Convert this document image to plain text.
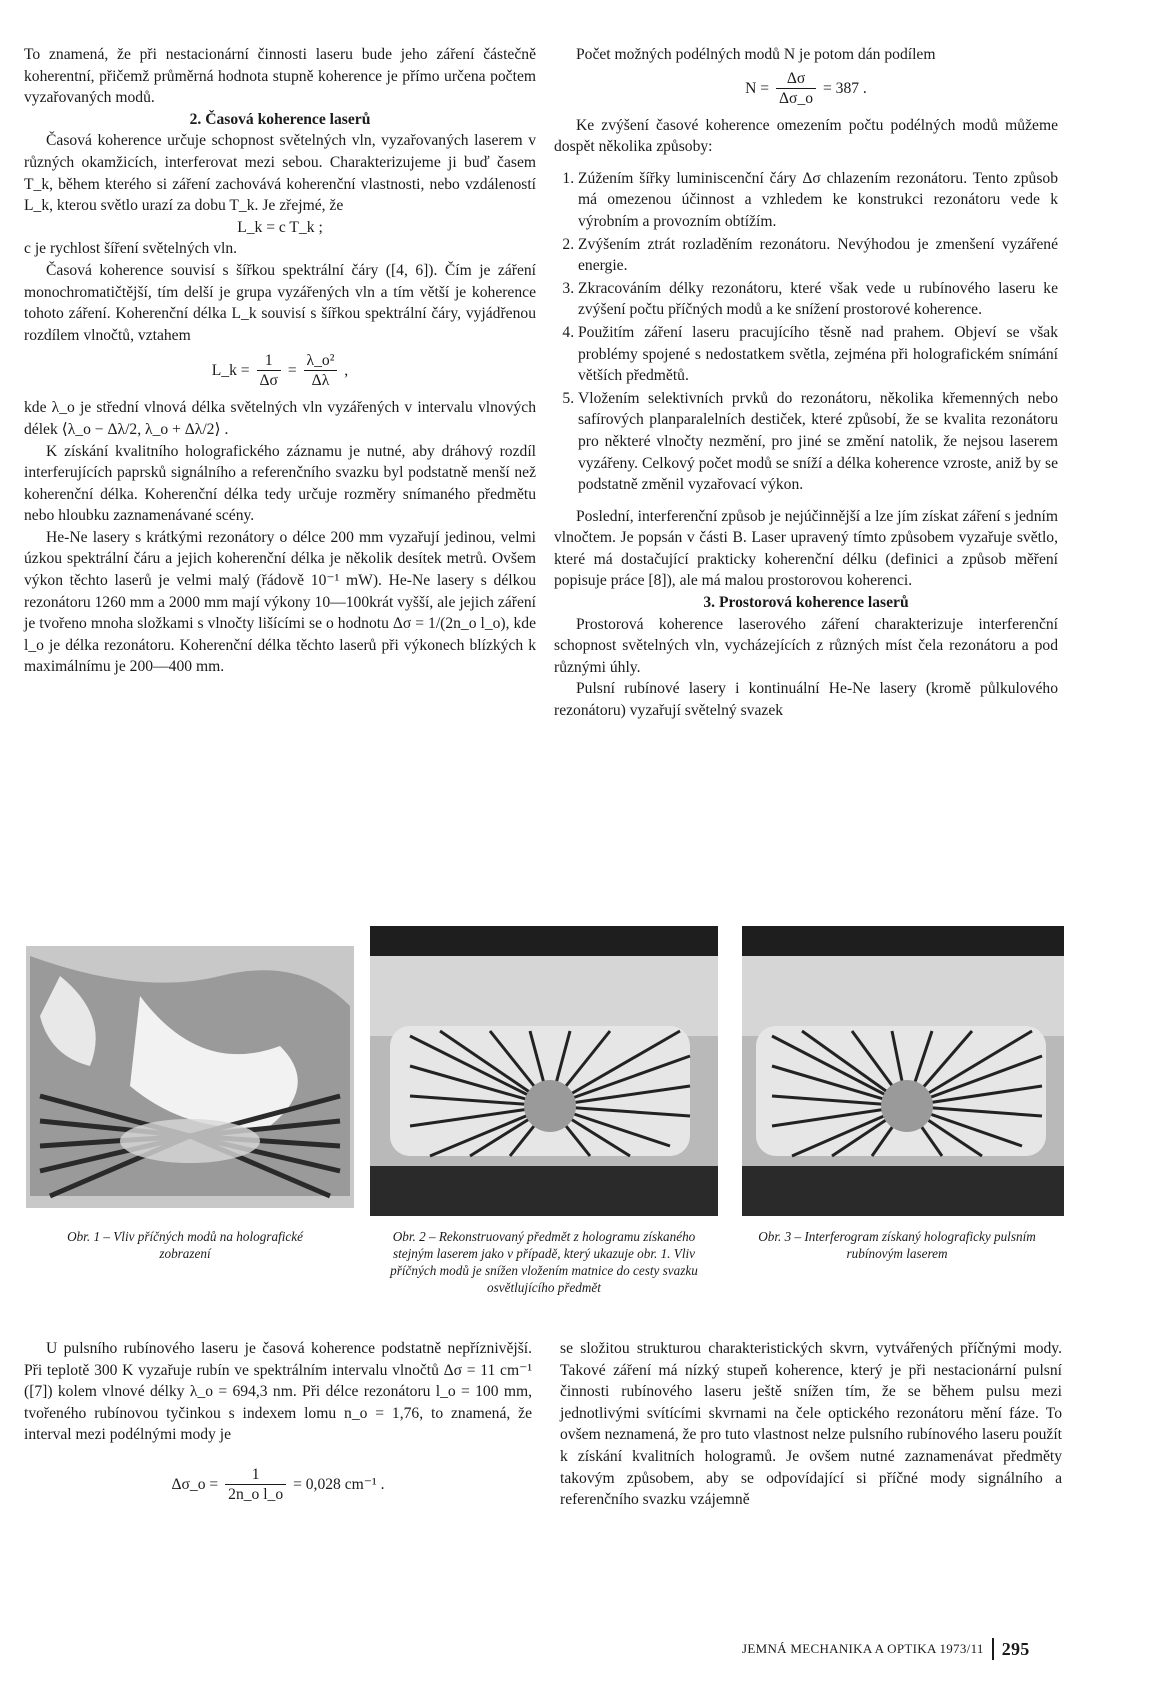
To znamená, že při nestacionární činnosti laseru bude jeho záření částečně koherentní, přičemž průměrná hodnota stupně koherence je přímo určena počtem vyzařovaných modů.

2. Časová koherence laserů

Časová koherence určuje schopnost světelných vln, vyzařovaných laserem v různých okamžicích, interferovat mezi sebou. Charakterizujeme ji buď časem T_k, během kterého si záření zachovává koherenční vlastnosti, nebo vzdáleností L_k, kterou světlo urazí za dobu T_k. Je zřejmé, že

L_k = c T_k ;

c je rychlost šíření světelných vln.

Časová koherence souvisí s šířkou spektrální čáry ([4, 6]). Čím je záření monochromatičtější, tím delší je grupa vyzářených vln a tím větší je koherence tohoto záření. Koherenční délka L_k souvisí s šířkou spektrální čáry, vyjádřenou rozdílem vlnočtů, vztahem

L_k = $\frac{1}{\Delta\sigma} = \frac{\text{λ\_o²}}{\Delta\lambda}$ ,

kde λ_o je střední vlnová délka světelných vln vyzářených v intervalu vlnových délek ⟨λ_o − Δλ/2, λ_o + Δλ/2⟩ .

K získání kvalitního holografického záznamu je nutné, aby dráhový rozdíl interferujících paprsků signálního a referenčního svazku byl podstatně menší než koherenční délka. Koherenční délka tedy určuje rozměry snímaného předmětu nebo hloubku zaznamenávané scény.

He-Ne lasery s krátkými rezonátory o délce 200 mm vyzařují jedinou, velmi úzkou spektrální čáru a jejich koherenční délka je několik desítek metrů. Ovšem výkon těchto laserů je velmi malý (řádově 10⁻¹ mW). He-Ne lasery s délkou rezonátoru 1260 mm a 2000 mm mají výkony 10—100krát vyšší, ale jejich záření je tvořeno mnoha složkami s vlnočty lišícími se o hodnotu Δσ = 1/(2n_o l_o), kde l_o je délka rezonátoru. Koherenční délka těchto laserů při výkonech blízkých k maximálnímu je 200—400 mm.

Počet možných podélných modů N je potom dán podílem

$N = \frac{\Delta\sigma}{\Delta\sigma\_o} = 387$ .

Ke zvýšení časové koherence omezením počtu podélných modů můžeme dospět několika způsoby:

1. Zúžením šířky luminiscenční čáry Δσ chlazením rezonátoru. Tento způsob má omezenou účinnost a vzhledem ke konstrukci rezonátoru vede k výrobním a provozním obtížím.
2. Zvýšením ztrát rozladěním rezonátoru. Nevýhodou je zmenšení vyzářené energie.
3. Zkracováním délky rezonátoru, které však vede u rubínového laseru ke zvýšení počtu příčných modů a ke snížení prostorové koherence.
4. Použitím záření laseru pracujícího těsně nad prahem. Objeví se však problémy spojené s nedostatkem světla, zejména při holografickém snímání větších předmětů.
5. Vložením selektivních prvků do rezonátoru, několika křemenných nebo safírových planparalelních destiček, které způsobí, že se kvalita rezonátoru pro některé vlnočty nezmění, pro jiné se změní natolik, že nejsou laserem vyzářeny. Celkový počet modů se sníží a délka koherence vzroste, aniž by se podstatně změnil vyzařovací výkon.

Poslední, interferenční způsob je nejúčinnější a lze jím získat záření s jedním vlnočtem. Je popsán v části B. Laser upravený tímto způsobem vyzařuje světlo, které má dostačující prakticky koherenční délku (definici a způsob měření popisuje práce [8]), ale má malou prostorovou koherenci.

3. Prostorová koherence laserů

Prostorová koherence laserového záření charakterizuje interferenční schopnost světelných vln, vycházejících z různých míst čela rezonátoru a pod různými úhly.

Pulsní rubínové lasery i kontinuální He-Ne lasery (kromě půlkulového rezonátoru) vyzařují světelný svazek

Obr. 1 – Vliv příčných modů na holografické zobrazení
Obr. 2 – Rekonstruovaný předmět z hologramu získaného stejným laserem jako v případě, který ukazuje obr. 1. Vliv příčných modů je snížen vložením matnice do cesty svazku osvětlujícího předmět
Obr. 3 – Interferogram získaný holograficky pulsním rubínovým laserem

U pulsního rubínového laseru je časová koherence podstatně nepříznivější. Při teplotě 300 K vyzařuje rubín ve spektrálním intervalu vlnočtů Δσ = 11 cm⁻¹ ([7]) kolem vlnové délky λ_o = 694,3 nm. Při délce rezonátoru l_o = 100 mm, tvořeného rubínovou tyčinkou s indexem lomu n_o = 1,76, to znamená, že interval mezi podélnými mody je

Δσ_o = $\frac{1}{\text{2n\_o l\_o}} = 0,028$ cm⁻¹ .

se složitou strukturou charakteristických skvrn, vytvářených příčnými mody. Takové záření má nízký stupeň koherence, který je při nestacionární pulsní činnosti rubínového laseru ještě snížen tím, že se během pulsu mezi jednotlivými svítícími skvrnami na čele optického rezonátoru mění fáze. To ovšem neznamená, že pro tuto vlastnost nelze pulsního rubínového laseru použít k získání kvalitních hologramů. Je ovšem nutné zaznamenávat předměty takovým způsobem, aby se odpovídající si příčné mody signálního a referenčního svazku vzájemně

JEMNÁ MECHANIKA A OPTIKA 1973/11 295
